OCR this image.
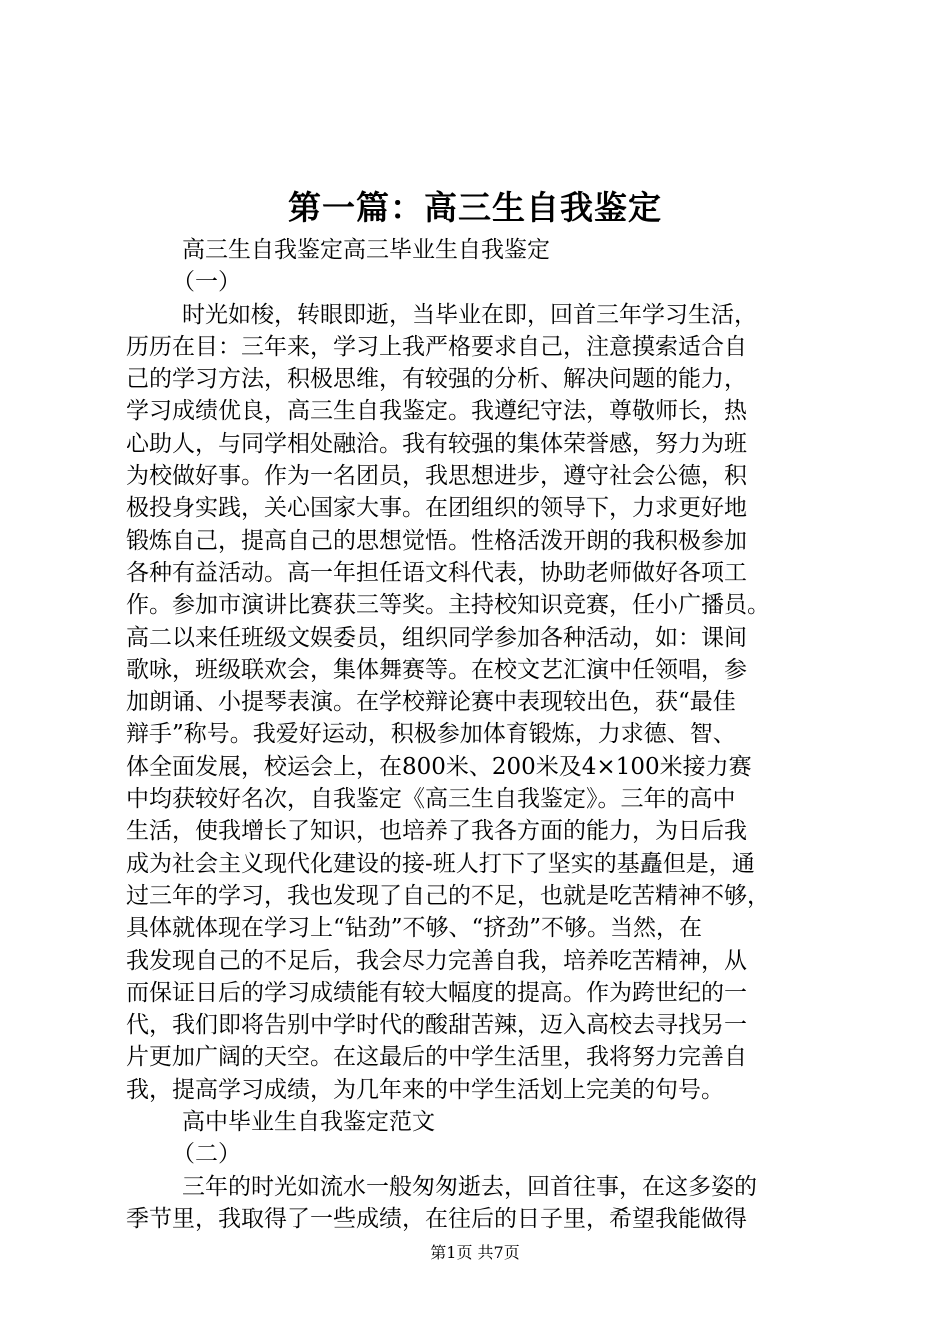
第一篇：高三生自我鉴定
高三生自我鉴定高三毕业生自我鉴定
（一）
时光如梭，转眼即逝，当毕业在即，回首三年学习生活，
历历在目：三年来，学习上我严格要求自己，注意摸索适合自
己的学习方法，积极思维，有较强的分析、解决问题的能力，
学习成绩优良，高三生自我鉴定。我遵纪守法，尊敬师长，热
心助人，与同学相处融洽。我有较强的集体荣誉感，努力为班
为校做好事。作为一名团员，我思想进步，遵守社会公德，积
极投身实践，关心国家大事。在团组织的领导下，力求更好地
锻炼自己，提高自己的思想觉悟。性格活泼开朗的我积极参加
各种有益活动。高一年担任语文科代表，协助老师做好各项工
作。参加市演讲比赛获三等奖。主持校知识竞赛，任小广播员。
高二以来任班级文娱委员，组织同学参加各种活动，如：课间
歌咏，班级联欢会，集体舞赛等。在校文艺汇演中任领唱，参
加朗诵、小提琴表演。在学校辩论赛中表现较出色，获“最佳
辩手”称号。我爱好运动，积极参加体育锻炼，力求德、智、
体全面发展，校运会上，在800米、200米及4×100米接力赛
中均获较好名次，自我鉴定《高三生自我鉴定》。三年的高中
生活，使我增长了知识，也培养了我各方面的能力，为日后我
成为社会主义现代化建设的接-班人打下了坚实的基矗但是，通
过三年的学习，我也发现了自己的不足，也就是吃苦精神不够，
具体就体现在学习上“钻劲”不够、“挤劲”不够。当然，在
我发现自己的不足后，我会尽力完善自我，培养吃苦精神，从
而保证日后的学习成绩能有较大幅度的提高。作为跨世纪的一
代，我们即将告别中学时代的酸甜苦辣，迈入高校去寻找另一
片更加广阔的天空。在这最后的中学生活里，我将努力完善自
我，提高学习成绩，为几年来的中学生活划上完美的句号。
高中毕业生自我鉴定范文
（二）
三年的时光如流水一般匆匆逝去，回首往事，在这多姿的
季节里，我取得了一些成绩，在往后的日子里，希望我能做得
第1页 共7页
